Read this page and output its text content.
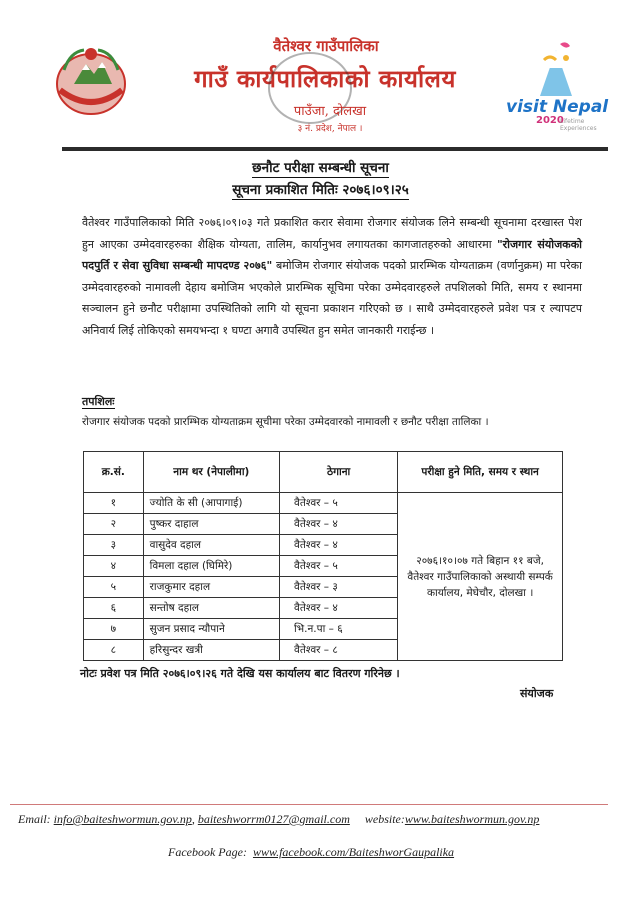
वैतेश्वर गाउँपालिका
गाउँ कार्यपालिकाको कार्यालय
पाउँजा, दोलखा
३ नं. प्रदेश, नेपाल ।
visit Nepal
2020
Lifetime Experiences
छनौट परीक्षा सम्बन्धी सूचना
सूचना प्रकाशित मितिः २०७६।०९।२५
वैतेश्वर गाउँपालिकाको मिति २०७६।०९।०३ गते प्रकाशित करार सेवामा रोजगार संयोजक लिने सम्बन्धी सूचनामा दरखास्त पेश हुन आएका उम्मेदवारहरुका शैक्षिक योग्यता, तालिम, कार्यानुभव लगायतका कागजातहरुको आधारमा "रोजगार संयोजकको पदपुर्ति र सेवा सुविधा सम्बन्धी मापदण्ड २०७६" बमोजिम रोजगार संयोजक पदको प्रारम्भिक योग्यताक्रम (वर्णानुक्रम) मा परेका उम्मेदवारहरुको नामावली देहाय बमोजिम भएकोले प्रारम्भिक सूचिमा परेका उम्मेदवारहरुले तपशिलको मिति, समय र स्थानमा सञ्चालन हुने छनौट परीक्षामा उपस्थितिको लागि यो सूचना प्रकाशन गरिएको छ । साथै उम्मेदवारहरुले प्रवेश पत्र र ल्यापटप अनिवार्य लिई तोकिएको समयभन्दा १ घण्टा अगावै उपस्थित हुन समेत जानकारी गराईन्छ ।
तपशिलः
रोजगार संयोजक पदको प्रारम्भिक योग्यताक्रम सूचीमा परेका उम्मेदवारको नामावली र छनौट परीक्षा तालिका ।
क्र.सं.	नाम थर (नेपालीमा)	ठेगाना	परीक्षा हुने मिति, समय र स्थान
१	ज्योति के सी (आपागाई)	वैतेश्वर – ५	२०७६।१०।०७ गते बिहान ११ बजे, वैतेश्वर गाउँपालिकाको अस्थायी सम्पर्क कार्यालय, मेघेचौर, दोलखा ।
२	पुष्कर दाहाल	वैतेश्वर – ४	
३	वासुदेव दहाल	वैतेश्वर – ४	
४	विमला दहाल (घिमिरे)	वैतेश्वर – ५	
५	राजकुमार दहाल	वैतेश्वर – ३	
६	सन्तोष दहाल	वैतेश्वर – ४	
७	सुजन प्रसाद न्यौपाने	भि.न.पा – ६	
८	हरिसुन्दर खत्री	वैतेश्वर – ८	
नोटः प्रवेश पत्र मिति २०७६।०९।२६ गते देखि यस कार्यालय बाट वितरण गरिनेछ ।
संयोजक
Email: info@baiteshwormun.gov.np, baiteshworrm0127@gmail.com website:www.baiteshwormun.gov.np
Facebook Page: www.facebook.com/BaiteshworGaupalika
